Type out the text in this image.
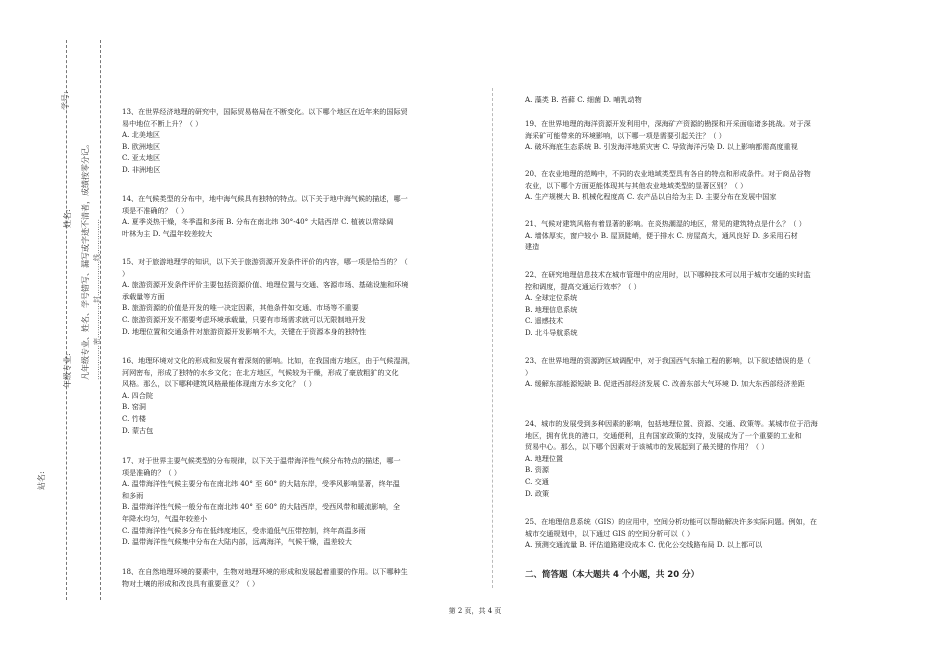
学号:
姓名:
年级专业: 凡年级专业、姓名、学号错写、漏写或字迹不清者，成绩按零分记。 ……………密……………封……………线……………
站名:
13、在世界经济地理的研究中，国际贸易格局在不断变化。以下哪个地区在近年来的国际贸
易中地位不断上升？（ ）
A. 北美地区
B. 欧洲地区
C. 亚太地区
D. 非洲地区
14、在气候类型的分布中，地中海气候具有独特的特点。以下关于地中海气候的描述，哪一
项是不准确的？（ ）
A. 夏季炎热干燥，冬季温和多雨 B. 分布在南北纬 30°-40° 大陆西岸 C. 植被以常绿阔
叶林为主 D. 气温年较差较大
15、对于旅游地理学的知识，以下关于旅游资源开发条件评价的内容，哪一项是恰当的？（
）
A. 旅游资源开发条件评价主要包括资源价值、地理位置与交通、客源市场、基础设施和环境
承载量等方面
B. 旅游资源的价值是开发的唯一决定因素，其他条件如交通、市场等不重要
C. 旅游资源开发不需要考虑环境承载量，只要有市场需求就可以无限制地开发
D. 地理位置和交通条件对旅游资源开发影响不大，关键在于资源本身的独特性
16、地理环境对文化的形成和发展有着深刻的影响。比如，在我国南方地区，由于气候湿润，
河网密布，形成了独特的水乡文化；在北方地区，气候较为干燥，形成了豪放粗犷的文化
风格。那么，以下哪种建筑风格最能体现南方水乡文化？（ ）
A. 四合院
B. 窑洞
C. 竹楼
D. 蒙古包
17、对于世界主要气候类型的分布规律，以下关于温带海洋性气候分布特点的描述，哪一
项是准确的？（ ）
A. 温带海洋性气候主要分布在南北纬 40° 至 60° 的大陆东岸，受季风影响显著，终年温
和多雨
B. 温带海洋性气候一般分布在南北纬 40° 至 60° 的大陆西岸，受西风带和暖流影响，全
年降水均匀，气温年较差小
C. 温带海洋性气候多分布在低纬度地区，受赤道低气压带控制，终年高温多雨
D. 温带海洋性气候集中分布在大陆内部，远离海洋，气候干燥，温差较大
18、在自然地理环境的要素中，生物对地理环境的形成和发展起着重要的作用。以下哪种生
物对土壤的形成和改良具有重要意义？（ ）
A. 藻类 B. 苔藓 C. 细菌 D. 哺乳动物
19、在世界地理的海洋资源开发利用中，深海矿产资源的勘探和开采面临诸多挑战。对于深
海采矿可能带来的环境影响，以下哪一项是需要引起关注？（ ）
A. 破坏海底生态系统 B. 引发海洋地质灾害 C. 导致海洋污染 D. 以上影响都需高度重视
20、在农业地理的范畴中，不同的农业地域类型具有各自的特点和形成条件。对于商品谷物
农业，以下哪个方面更能体现其与其他农业地域类型的显著区别？（ ）
A. 生产规模大 B. 机械化程度高 C. 农产品以自给为主 D. 主要分布在发展中国家
21、气候对建筑风格有着显著的影响。在炎热潮湿的地区，常见的建筑特点是什么？（ ）
A. 墙体厚实，窗户较小 B. 屋顶陡峭，便于排水 C. 房屋高大，通风良好 D. 多采用石材
建造
22、在研究地理信息技术在城市管理中的应用时，以下哪种技术可以用于城市交通的实时监
控和调度，提高交通运行效率？（ ）
A. 全球定位系统
B. 地理信息系统
C. 遥感技术
D. 北斗导航系统
23、在世界地理的资源跨区域调配中，对于我国西气东输工程的影响，以下叙述错误的是（
）
A. 缓解东部能源短缺 B. 促进西部经济发展 C. 改善东部大气环境 D. 加大东西部经济差距
24、城市的发展受到多种因素的影响，包括地理位置、资源、交通、政策等。某城市位于沿海
地区，拥有优良的港口，交通便利，且有国家政策的支持，发展成为了一个重要的工业和
贸易中心。那么，以下哪个因素对于该城市的发展起到了最关键的作用？（ ）
A. 地理位置
B. 资源
C. 交通
D. 政策
25、在地理信息系统（GIS）的应用中，空间分析功能可以帮助解决许多实际问题。例如，在
城市交通规划中，以下通过 GIS 的空间分析可以（ ）
A. 预测交通流量 B. 评估道路建设成本 C. 优化公交线路布局 D. 以上都可以
二、简答题（本大题共 4 个小题，共 20 分）
第 2 页，共 4 页
